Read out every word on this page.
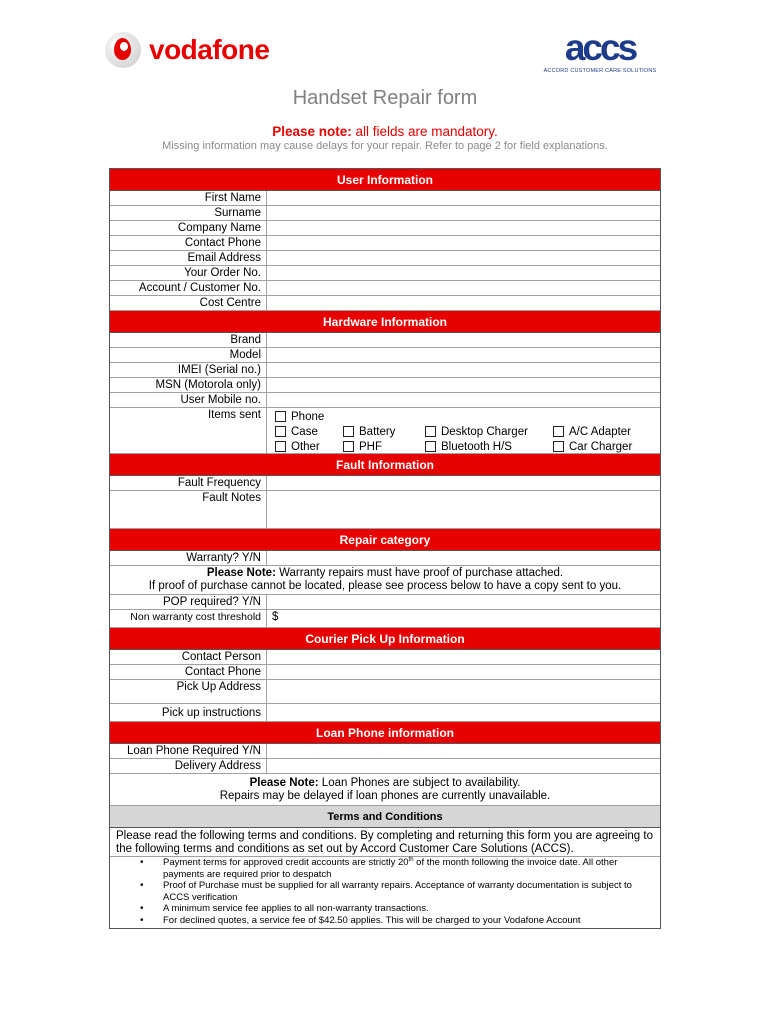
vodafone	accs
ACCORD CUSTOMER CARE SOLUTIONS
Handset Repair form
Please note: all fields are mandatory.
Missing information may cause delays for your repair. Refer to page 2 for field explanations.
User Information
First Name
Surname
Company Name
Contact Phone
Email Address
Your Order No.
Account / Customer No.
Cost Centre
Hardware Information
Brand
Model
IMEI (Serial no.)
MSN (Motorola only)
User Mobile no.
Items sent	Phone
Case	Battery	Desktop Charger	A/C Adapter
Other	PHF	Bluetooth H/S	Car Charger
Fault Information
Fault Frequency
Fault Notes
Repair category
Warranty? Y/N
Please Note: Warranty repairs must have proof of purchase attached.
If proof of purchase cannot be located, please see process below to have a copy sent to you.
POP required? Y/N
Non warranty cost threshold $
Courier Pick Up Information
Contact Person
Contact Phone
Pick Up Address
Pick up instructions
Loan Phone information
Loan Phone Required Y/N
Delivery Address
Please Note: Loan Phones are subject to availability.
Repairs may be delayed if loan phones are currently unavailable.
Terms and Conditions
Please read the following terms and conditions. By completing and returning this form you are agreeing to the following terms and conditions as set out by Accord Customer Care Solutions (ACCS).
• Payment terms for approved credit accounts are strictly 20th of the month following the invoice date. All other payments are required prior to despatch
• Proof of Purchase must be supplied for all warranty repairs. Acceptance of warranty documentation is subject to ACCS verification
• A minimum service fee applies to all non-warranty transactions.
• For declined quotes, a service fee of $42.50 applies. This will be charged to your Vodafone Account
